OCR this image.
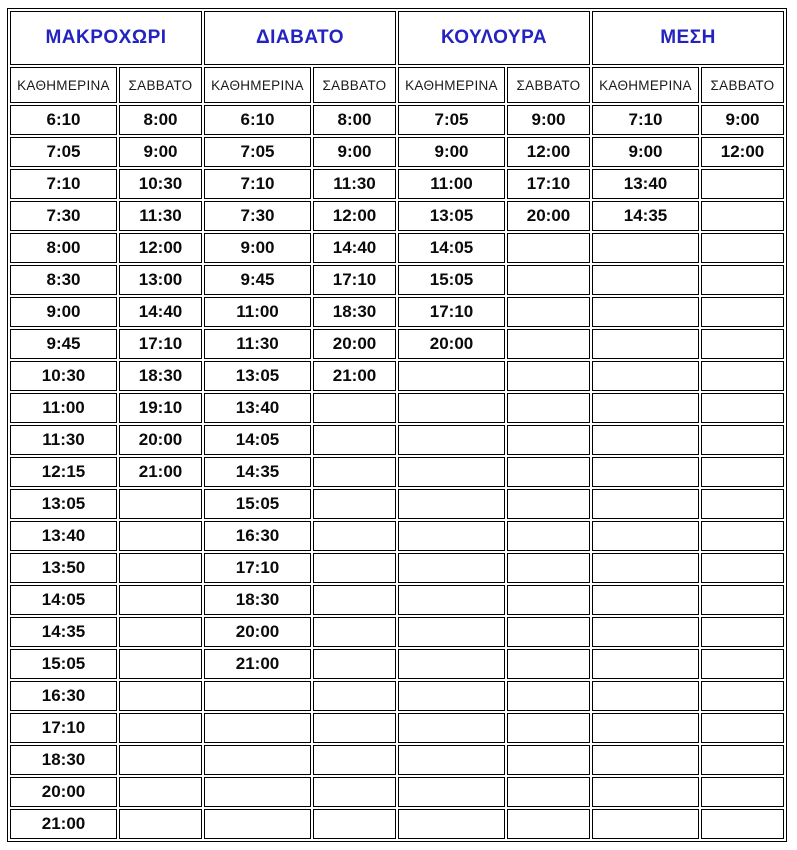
ΜΑΚΡΟΧΩΡΙ		ΔΙΑΒΑΤΟ		ΚΟΥΛΟΥΡΑ		ΜΕΣΗ	
ΚΑΘΗΜΕΡΙΝΑ	ΣΑΒΒΑΤΟ	ΚΑΘΗΜΕΡΙΝΑ	ΣΑΒΒΑΤΟ	ΚΑΘΗΜΕΡΙΝΑ	ΣΑΒΒΑΤΟ	ΚΑΘΗΜΕΡΙΝΑ	ΣΑΒΒΑΤΟ
6:10	8:00	6:10	8:00	7:05	9:00	7:10	9:00
7:05	9:00	7:05	9:00	9:00	12:00	9:00	12:00
7:10	10:30	7:10	11:30	11:00	17:10	13:40	
7:30	11:30	7:30	12:00	13:05	20:00	14:35	
8:00	12:00	9:00	14:40	14:05			
8:30	13:00	9:45	17:10	15:05			
9:00	14:40	11:00	18:30	17:10			
9:45	17:10	11:30	20:00	20:00			
10:30	18:30	13:05	21:00				
11:00	19:10	13:40					
11:30	20:00	14:05					
12:15	21:00	14:35					
13:05		15:05					
13:40		16:30					
13:50		17:10					
14:05		18:30					
14:35		20:00					
15:05		21:00					
16:30							
17:10							
18:30							
20:00							
21:00							
